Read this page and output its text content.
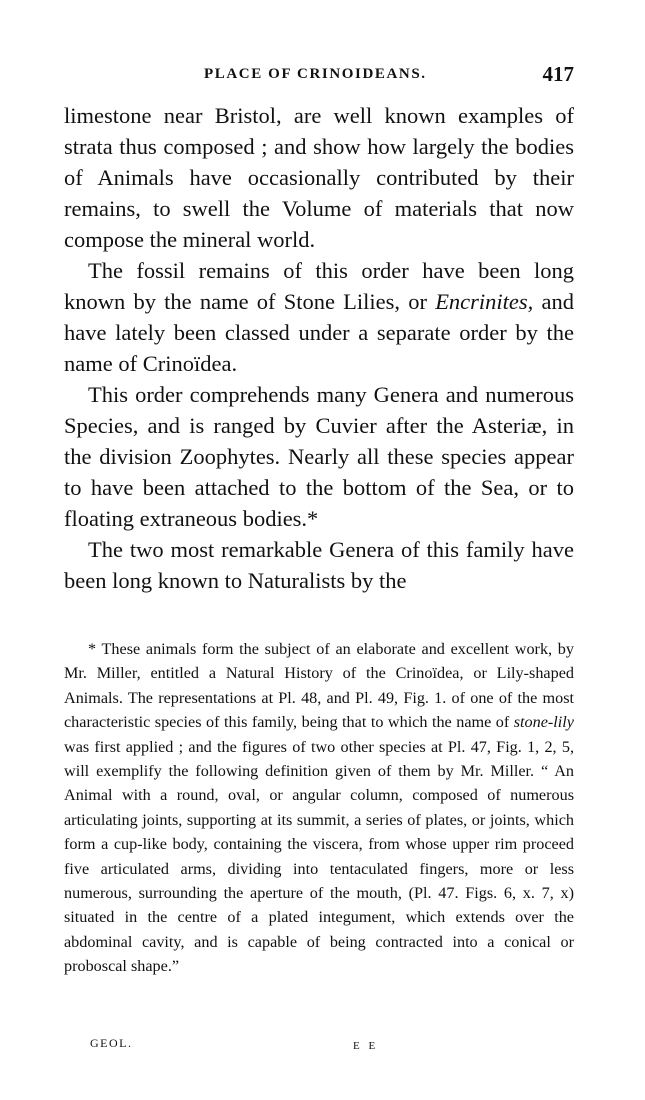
PLACE OF CRINOIDEANS.	417

limestone near Bristol, are well known examples of strata thus composed ; and show how largely the bodies of Animals have occasionally contributed by their remains, to swell the Volume of materials that now compose the mineral world.

The fossil remains of this order have been long known by the name of Stone Lilies, or Encrinites, and have lately been classed under a separate order by the name of Crinoïdea.

This order comprehends many Genera and numerous Species, and is ranged by Cuvier after the Asteriæ, in the division Zoophytes. Nearly all these species appear to have been attached to the bottom of the Sea, or to floating extraneous bodies.*

The two most remarkable Genera of this family have been long known to Naturalists by the

* These animals form the subject of an elaborate and excellent work, by Mr. Miller, entitled a Natural History of the Crinoïdea, or Lily-shaped Animals. The representations at Pl. 48, and Pl. 49, Fig. 1. of one of the most characteristic species of this family, being that to which the name of stone-lily was first applied ; and the figures of two other species at Pl. 47, Fig. 1, 2, 5, will exemplify the following definition given of them by Mr. Miller. “ An Animal with a round, oval, or angular column, composed of numerous articulating joints, supporting at its summit, a series of plates, or joints, which form a cup-like body, containing the viscera, from whose upper rim proceed five articulated arms, dividing into tentaculated fingers, more or less numerous, surrounding the aperture of the mouth, (Pl. 47. Figs. 6, x. 7, x) situated in the centre of a plated integument, which extends over the abdominal cavity, and is capable of being contracted into a conical or proboscal shape.”

GEOL.	E E
